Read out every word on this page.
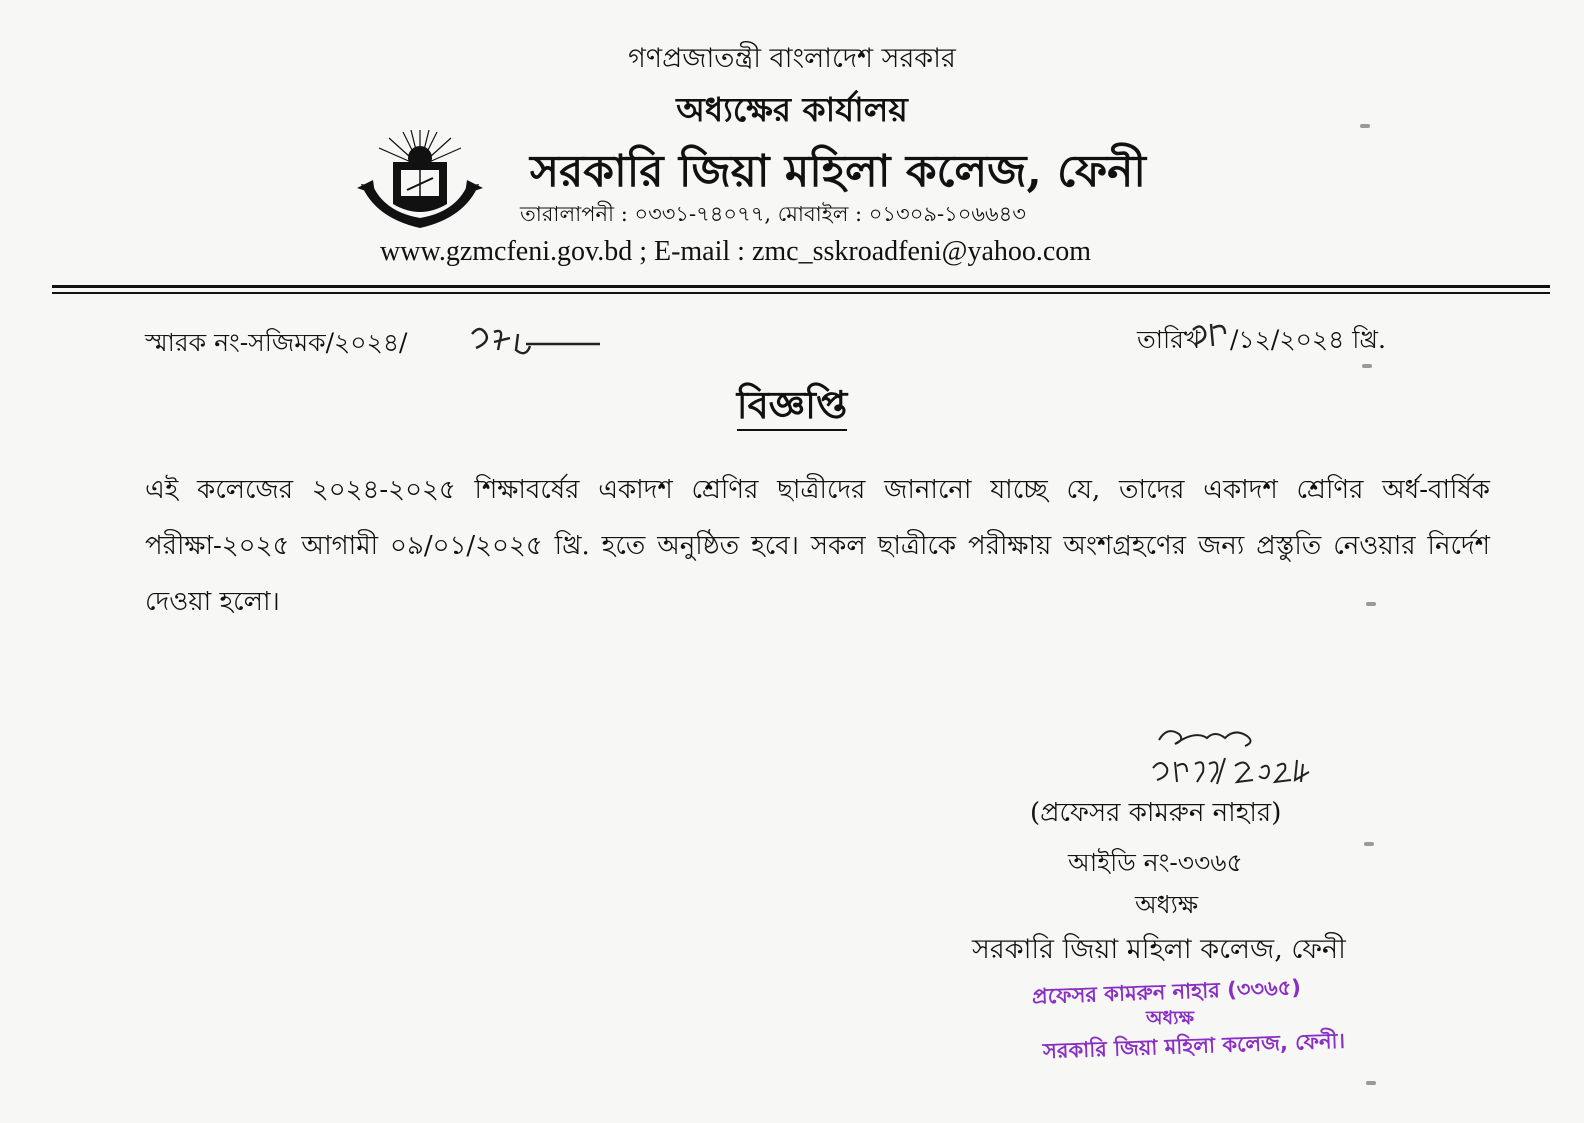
গণপ্রজাতন্ত্রী বাংলাদেশ সরকার
অধ্যক্ষের কার্যালয়
সরকারি জিয়া মহিলা কলেজ, ফেনী
তারালাপনী : ০৩৩১-৭৪০৭৭, মোবাইল : ০১৩০৯-১০৬৬৪৩
www.gzmcfeni.gov.bd ; E-mail : zmc_sskroadfeni@yahoo.com
স্মারক নং-সজিমক/২০২৪/	তারিখ /১২/২০২৪ খ্রি.
বিজ্ঞপ্তি
এই কলেজের ২০২৪-২০২৫ শিক্ষাবর্ষের একাদশ শ্রেণির ছাত্রীদের জানানো যাচ্ছে যে, তাদের একাদশ শ্রেণির অর্ধ-বার্ষিক পরীক্ষা-২০২৫ আগামী ০৯/০১/২০২৫ খ্রি. হতে অনুষ্ঠিত হবে। সকল ছাত্রীকে পরীক্ষায় অংশগ্রহণের জন্য প্রস্তুতি নেওয়ার নির্দেশ দেওয়া হলো।
(প্রফেসর কামরুন নাহার)
আইডি নং-৩৩৬৫
অধ্যক্ষ
সরকারি জিয়া মহিলা কলেজ, ফেনী
প্রফেসর কামরুন নাহার (৩৩৬৫)
অধ্যক্ষ
সরকারি জিয়া মহিলা কলেজ, ফেনী।
